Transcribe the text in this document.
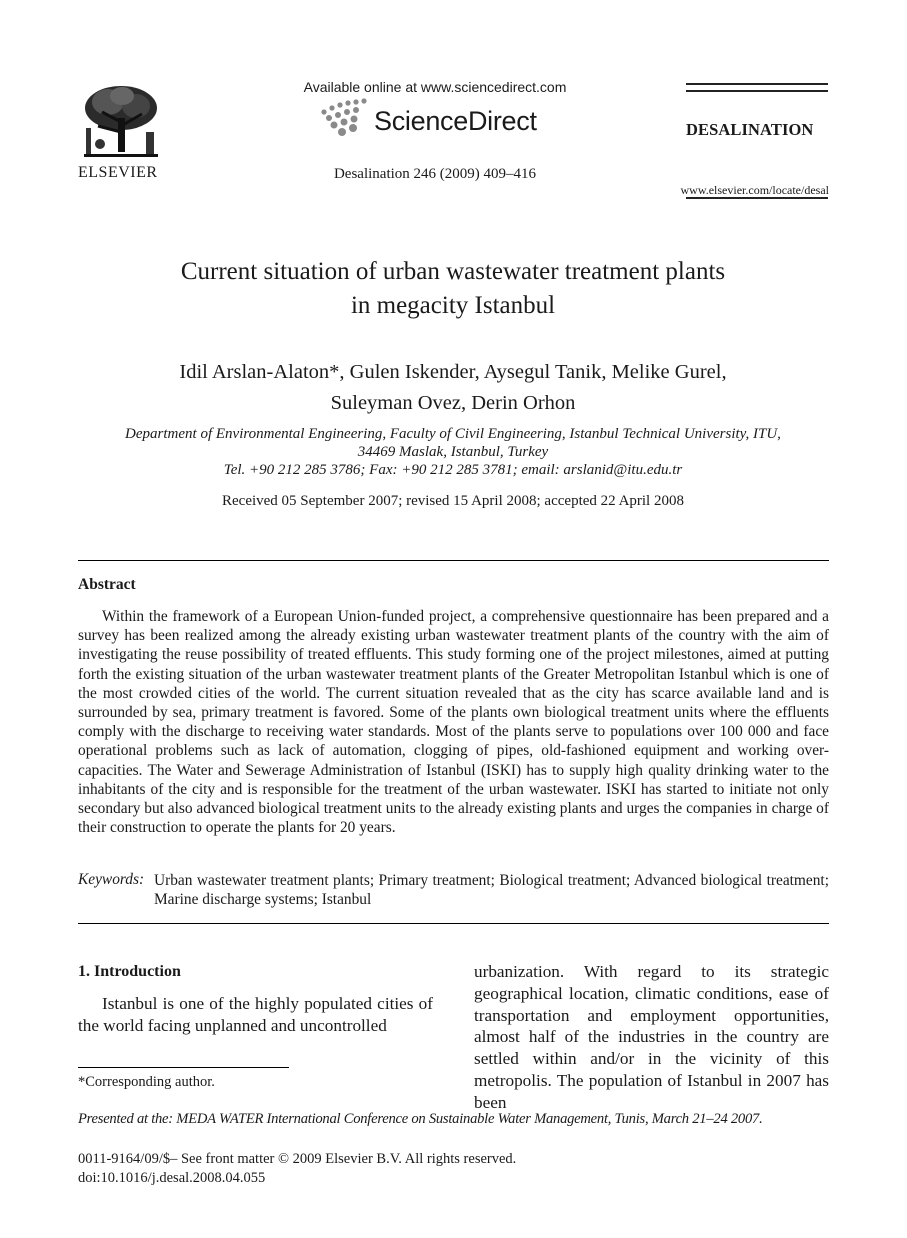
ELSEVIER
Available online at www.sciencedirect.com
ScienceDirect
Desalination 246 (2009) 409–416
DESALINATION
www.elsevier.com/locate/desal
Current situation of urban wastewater treatment plants
in megacity Istanbul
Idil Arslan-Alaton*, Gulen Iskender, Aysegul Tanik, Melike Gurel,
Suleyman Ovez, Derin Orhon
Department of Environmental Engineering, Faculty of Civil Engineering, Istanbul Technical University, ITU,
34469 Maslak, Istanbul, Turkey
Tel. +90 212 285 3786; Fax: +90 212 285 3781; email: arslanid@itu.edu.tr
Received 05 September 2007; revised 15 April 2008; accepted 22 April 2008
Abstract
Within the framework of a European Union-funded project, a comprehensive questionnaire has been prepared and a survey has been realized among the already existing urban wastewater treatment plants of the country with the aim of investigating the reuse possibility of treated effluents. This study forming one of the project milestones, aimed at putting forth the existing situation of the urban wastewater treatment plants of the Greater Metropolitan Istanbul which is one of the most crowded cities of the world. The current situation revealed that as the city has scarce available land and is surrounded by sea, primary treatment is favored. Some of the plants own biological treatment units where the effluents comply with the discharge to receiving water standards. Most of the plants serve to populations over 100 000 and face operational problems such as lack of automation, clogging of pipes, old-fashioned equipment and working over-capacities. The Water and Sewerage Administration of Istanbul (ISKI) has to supply high quality drinking water to the inhabitants of the city and is responsible for the treatment of the urban wastewater. ISKI has started to initiate not only secondary but also advanced biological treatment units to the already existing plants and urges the companies in charge of their construction to operate the plants for 20 years.
Keywords: Urban wastewater treatment plants; Primary treatment; Biological treatment; Advanced biological treatment; Marine discharge systems; Istanbul
1. Introduction
Istanbul is one of the highly populated cities of the world facing unplanned and uncontrolled
*Corresponding author.
urbanization. With regard to its strategic geographical location, climatic conditions, ease of transportation and employment opportunities, almost half of the industries in the country are settled within and/or in the vicinity of this metropolis. The population of Istanbul in 2007 has been
Presented at the: MEDA WATER International Conference on Sustainable Water Management, Tunis, March 21–24 2007.
0011-9164/09/$– See front matter © 2009 Elsevier B.V. All rights reserved.
doi:10.1016/j.desal.2008.04.055
